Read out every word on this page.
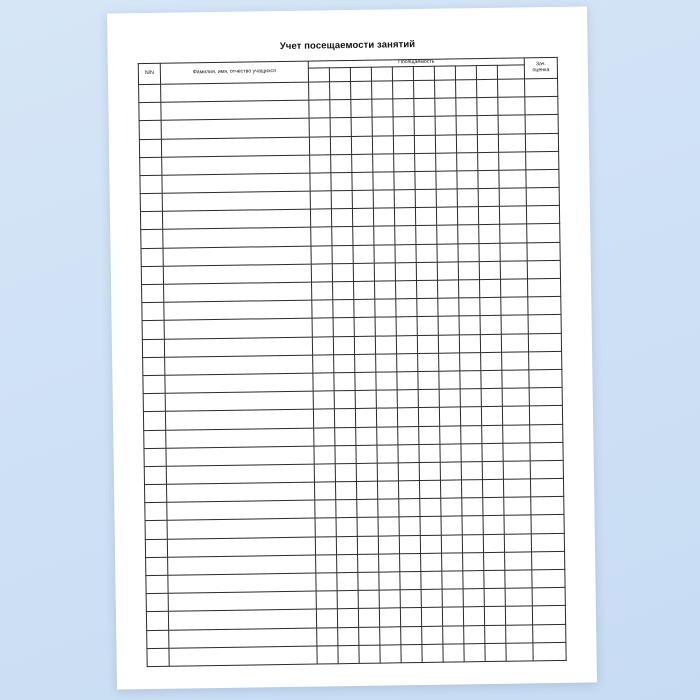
Учет посещаемости занятий
N/N	Фамилия, имя, отчество учащихся	Посещаемость										Зач.
оценка
